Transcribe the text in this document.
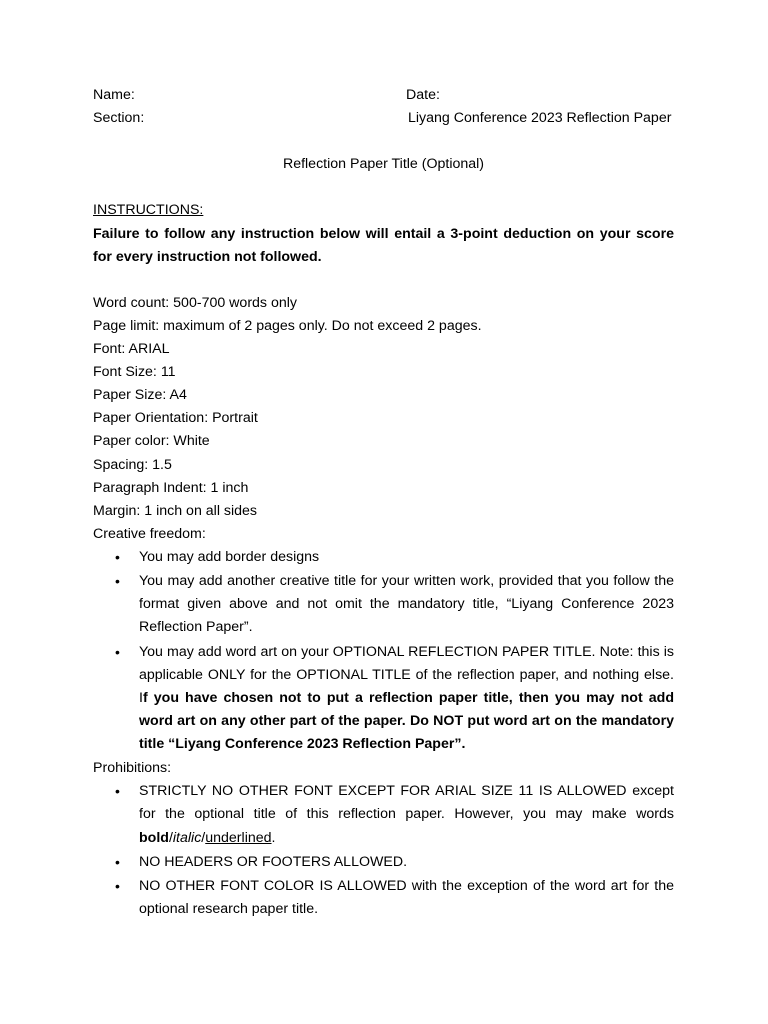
Name:	Date:
Section:	Liyang Conference 2023 Reflection Paper
Reflection Paper Title (Optional)
INSTRUCTIONS:
Failure to follow any instruction below will entail a 3-point deduction on your score for every instruction not followed.
Word count: 500-700 words only
Page limit: maximum of 2 pages only. Do not exceed 2 pages.
Font: ARIAL
Font Size: 11
Paper Size: A4
Paper Orientation: Portrait
Paper color: White
Spacing: 1.5
Paragraph Indent: 1 inch
Margin: 1 inch on all sides
Creative freedom:
• You may add border designs
• You may add another creative title for your written work, provided that you follow the format given above and not omit the mandatory title, “Liyang Conference 2023 Reflection Paper”.
• You may add word art on your OPTIONAL REFLECTION PAPER TITLE. Note: this is applicable ONLY for the OPTIONAL TITLE of the reflection paper, and nothing else. If you have chosen not to put a reflection paper title, then you may not add word art on any other part of the paper. Do NOT put word art on the mandatory title “Liyang Conference 2023 Reflection Paper”.
Prohibitions:
• STRICTLY NO OTHER FONT EXCEPT FOR ARIAL SIZE 11 IS ALLOWED except for the optional title of this reflection paper. However, you may make words bold/italic/underlined.
• NO HEADERS OR FOOTERS ALLOWED.
• NO OTHER FONT COLOR IS ALLOWED with the exception of the word art for the optional research paper title.
